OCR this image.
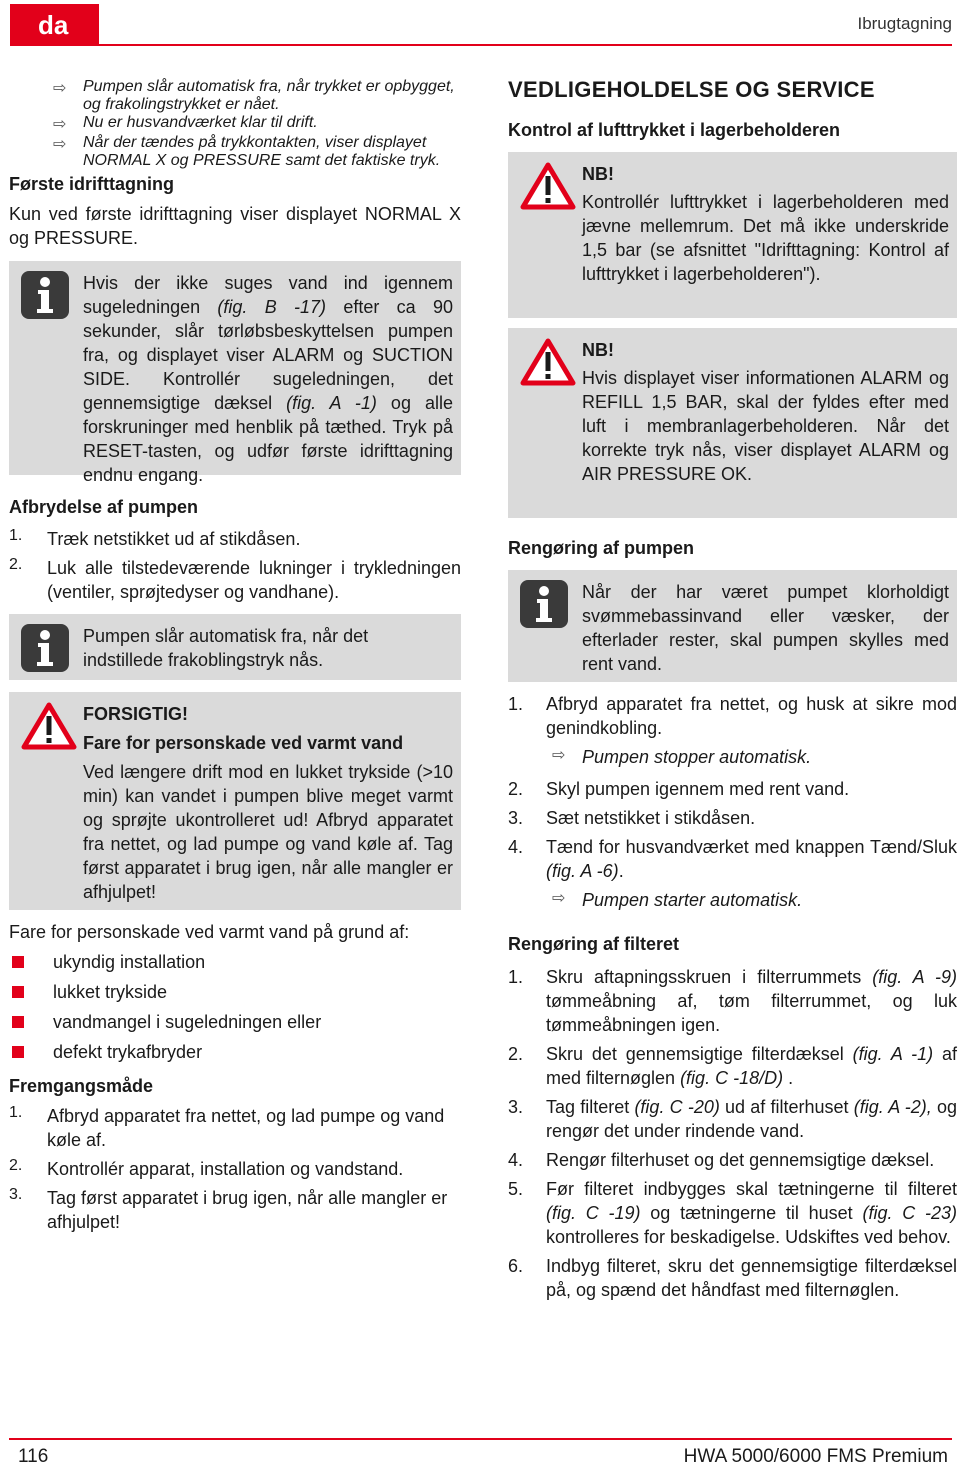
da	Ibrugtagning
⇨	Pumpen slår automatisk fra, når trykket er opbygget, og frakolingstrykket er nået.
⇨	Nu er husvandværket klar til drift.
⇨	Når der tændes på trykkontakten, viser displayet NORMAL X og PRESSURE samt det faktiske tryk.
Første idrifttagning

Kun ved første idrifttagning viser displayet NORMAL X og PRESSURE.

Hvis der ikke suges vand ind igennem sugeledningen (fig. B -17) efter ca 90 sekunder, slår tørløbsbeskyttelsen pumpen fra, og displayet viser ALARM og SUCTION SIDE. Kontrollér sugeledningen, det gennemsigtige dæksel (fig. A -1) og alle forskruninger med henblik på tæthed. Tryk på RESET-tasten, og udfør første idrifttagning endnu engang.

Afbrydelse af pumpen
1.	Træk netstikket ud af stikdåsen.
2.	Luk alle tilstedeværende lukninger i trykledningen (ventiler, sprøjtedyser og vandhane).

Pumpen slår automatisk fra, når det indstillede frakoblingstryk nås.

FORSIGTIG!
Fare for personskade ved varmt vand

Ved længere drift mod en lukket trykside (>10 min) kan vandet i pumpen blive meget varmt og sprøjte ukontrolleret ud! Afbryd apparatet fra nettet, og lad pumpe og vand køle af. Tag først apparatet i brug igen, når alle mangler er afhjulpet!

Fare for personskade ved varmt vand på grund af:

ukyndig installation
lukket trykside
vandmangel i sugeledningen eller
defekt trykafbryder
Fremgangsmåde
1.	Afbryd apparatet fra nettet, og lad pumpe og vand køle af.
2.	Kontrollér apparat, installation og vandstand.
3.	Tag først apparatet i brug igen, når alle mangler er afhjulpet!
VEDLIGEHOLDELSE OG SERVICE
Kontrol af lufttrykket i lagerbeholderen
NB!

Kontrollér lufttrykket i lagerbeholderen med jævne mellemrum. Det må ikke underskride 1,5 bar (se afsnittet "Idrifttagning: Kontrol af lufttrykket i lagerbeholderen").

NB!

Hvis displayet viser informationen ALARM og REFILL 1,5 BAR, skal der fyldes efter med luft i membranlagerbeholderen. Når det korrekte tryk nås, viser displayet ALARM og AIR PRESSURE OK.

Rengøring af pumpen

Når der har været pumpet klorholdigt svømmebassinvand eller væsker, der efterlader rester, skal pumpen skylles med rent vand.

1.	Afbryd apparatet fra nettet, og husk at sikre mod genindkobling.
⇨ Pumpen stopper automatisk.
2.	Skyl pumpen igennem med rent vand.
3.	Sæt netstikket i stikdåsen.
4.	Tænd for husvandværket med knappen Tænd/Sluk (fig. A -6).
⇨ Pumpen starter automatisk.
Rengøring af filteret
1.	Skru aftapningsskruen i filterrummets (fig. A -9) tømmeåbning af, tøm filterrummet, og luk tømmeåbningen igen.
2.	Skru det gennemsigtige filterdæksel (fig. A -1) af med filternøglen (fig. C -18/D) .
3.	Tag filteret (fig. C -20) ud af filterhuset (fig. A -2), og rengør det under rindende vand.
4.	Rengør filterhuset og det gennemsigtige dæksel.
5.	Før filteret indbygges skal tætningerne til filteret (fig. C -19) og tætningerne til huset (fig. C -23) kontrolleres for beskadigelse. Udskiftes ved behov.
6.	Indbyg filteret, skru det gennemsigtige filterdæksel på, og spænd det håndfast med filternøglen.
116	HWA 5000/6000 FMS Premium
